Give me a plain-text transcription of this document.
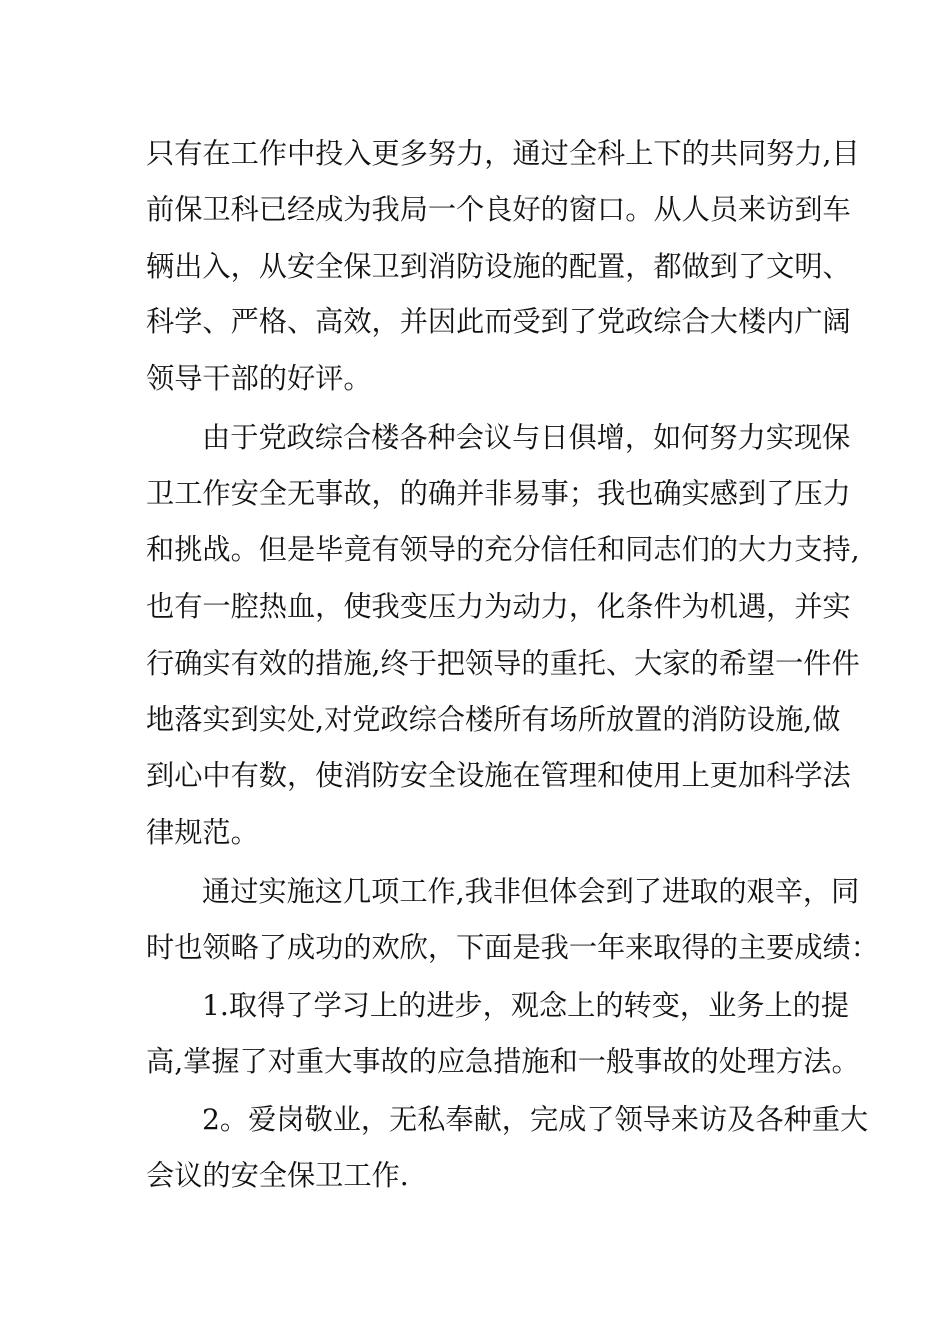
只有在工作中投入更多努力，通过全科上下的共同努力,目
前保卫科已经成为我局一个良好的窗口。从人员来访到车
辆出入，从安全保卫到消防设施的配置，都做到了文明、
科学、严格、高效，并因此而受到了党政综合大楼内广阔
领导干部的好评。
由于党政综合楼各种会议与日俱增，如何努力实现保
卫工作安全无事故，的确并非易事；我也确实感到了压力
和挑战。但是毕竟有领导的充分信任和同志们的大力支持,
也有一腔热血，使我变压力为动力，化条件为机遇，并实
行确实有效的措施,终于把领导的重托、大家的希望一件件
地落实到实处,对党政综合楼所有场所放置的消防设施,做
到心中有数，使消防安全设施在管理和使用上更加科学法
律规范。
通过实施这几项工作,我非但体会到了进取的艰辛，同
时也领略了成功的欢欣，下面是我一年来取得的主要成绩：
1.取得了学习上的进步，观念上的转变，业务上的提
高,掌握了对重大事故的应急措施和一般事故的处理方法。
2。爱岗敬业，无私奉献，完成了领导来访及各种重大
会议的安全保卫工作.
